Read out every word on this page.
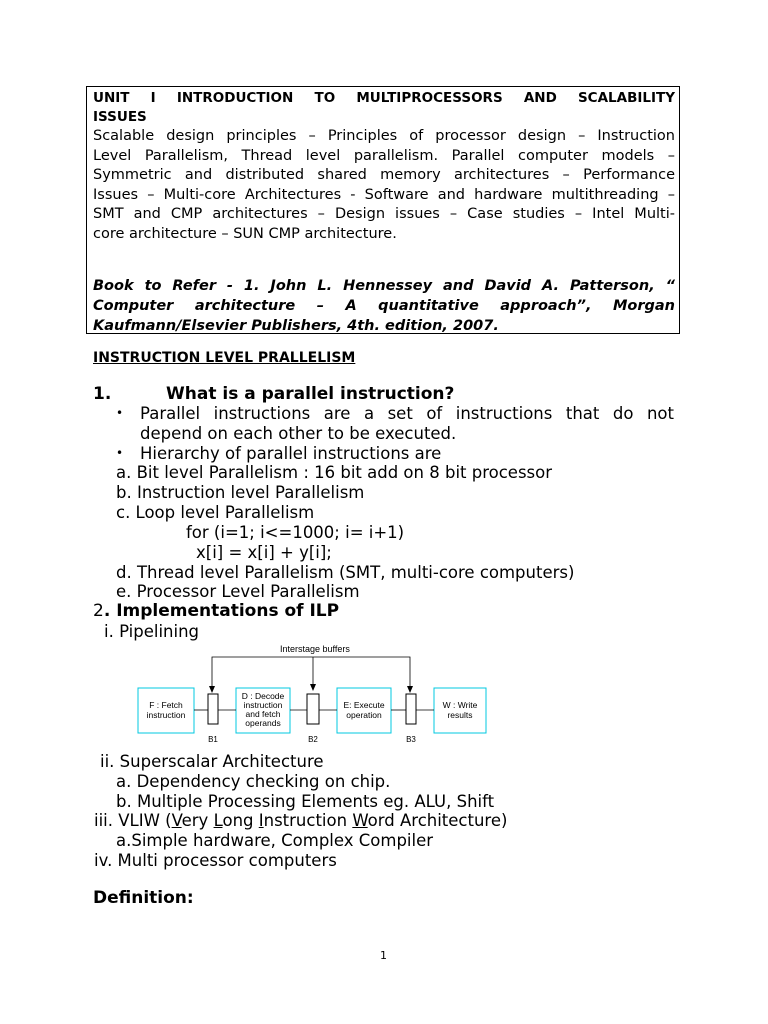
UNIT I INTRODUCTION TO MULTIPROCESSORS AND SCALABILITY
ISSUES
Scalable design principles – Principles of processor design – Instruction
Level Parallelism, Thread level parallelism. Parallel computer models –
Symmetric and distributed shared memory architectures – Performance
Issues – Multi-core Architectures - Software and hardware multithreading –
SMT and CMP architectures – Design issues – Case studies – Intel Multi-
core architecture – SUN CMP architecture.
Book to Refer - 1. John L. Hennessey and David A. Patterson, “
Computer architecture – A quantitative approach”, Morgan
Kaufmann/Elsevier Publishers, 4th. edition, 2007.
INSTRUCTION LEVEL PRALLELISM
1.	What is a parallel instruction?
• Parallel instructions are a set of instructions that do not
depend on each other to be executed.
• Hierarchy of parallel instructions are
a. Bit level Parallelism : 16 bit add on 8 bit processor
b. Instruction level Parallelism
c. Loop level Parallelism
for (i=1; i<=1000; i= i+1)
x[i] = x[i] + y[i];
d. Thread level Parallelism (SMT, multi-core computers)
e. Processor Level Parallelism
2. Implementations of ILP
i. Pipelining
Interstage buffers
F : Fetch
instruction
D : Decode
instruction
and fetch
operands
E: Execute
operation
W : Write
results
B1	B2	B3
ii. Superscalar Architecture
a. Dependency checking on chip.
b. Multiple Processing Elements eg. ALU, Shift
iii. VLIW (Very Long Instruction Word Architecture)
a.Simple hardware, Complex Compiler
iv. Multi processor computers
Definition:
1
